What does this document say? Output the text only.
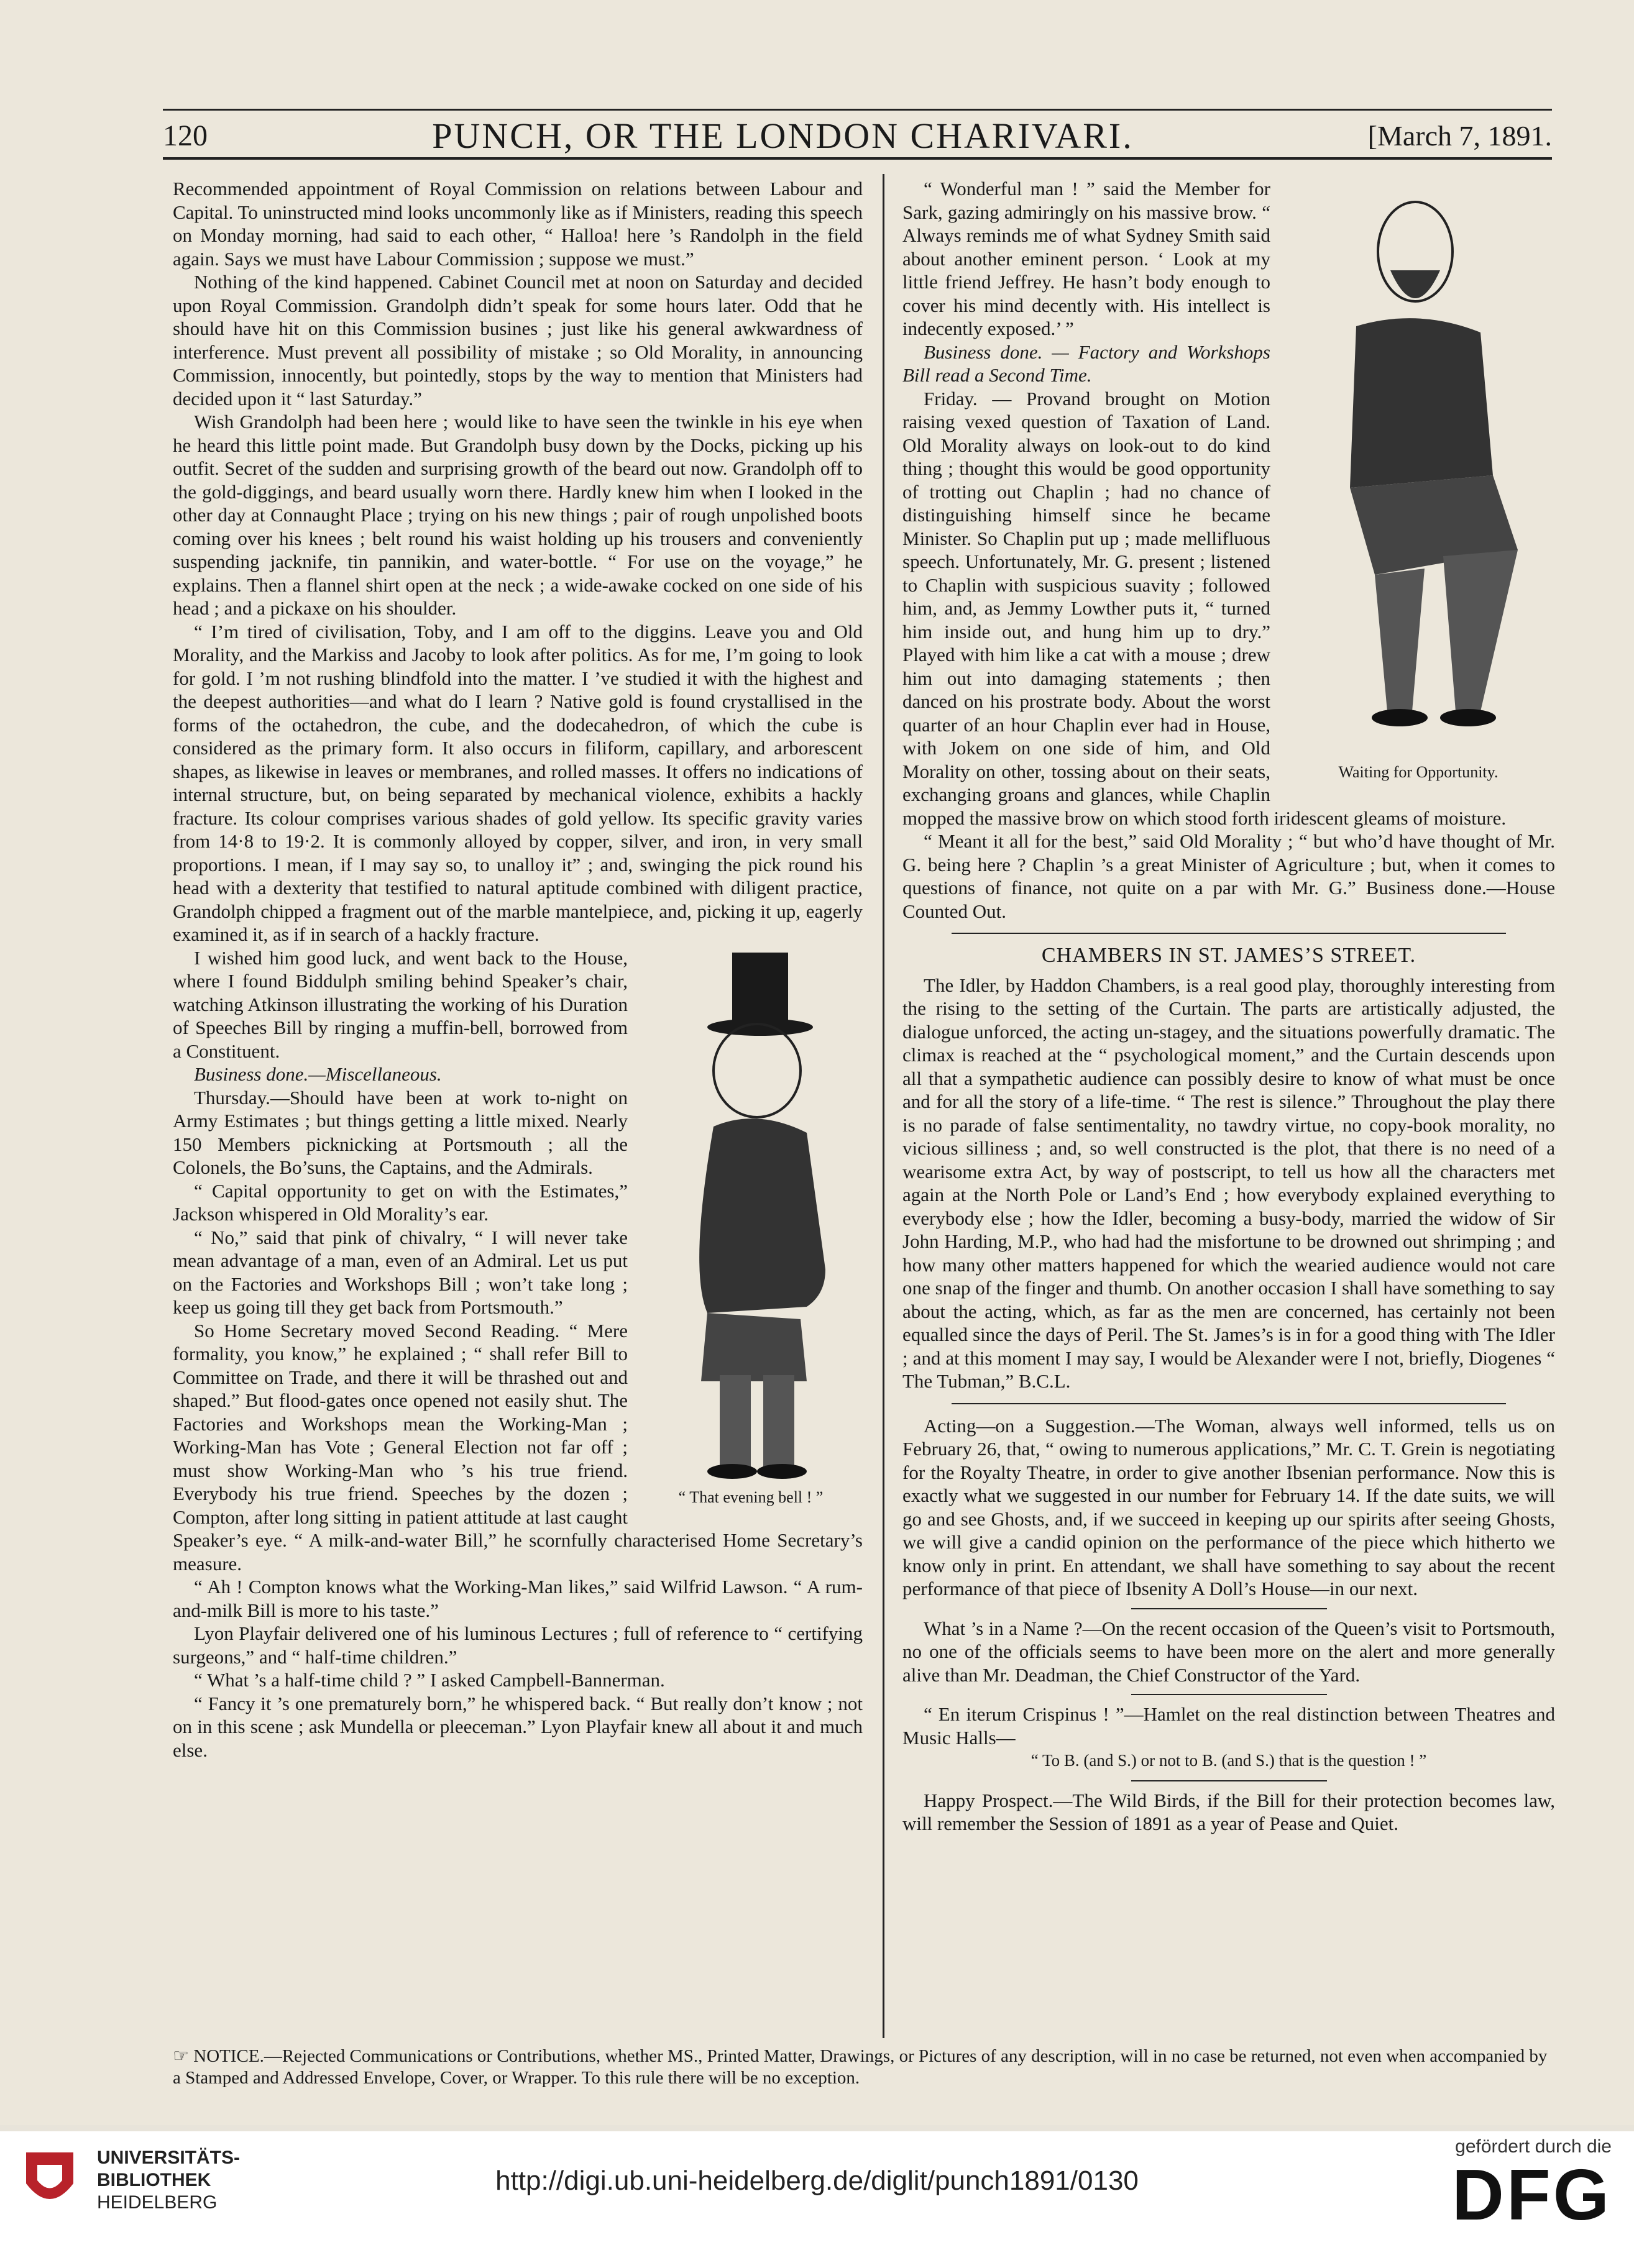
120	PUNCH, OR THE LONDON CHARIVARI.	[March 7, 1891.

Recommended appointment of Royal Commission on relations between Labour and Capital. To uninstructed mind looks uncommonly like as if Ministers, reading this speech on Monday morning, had said to each other, “ Halloa! here ’s Randolph in the field again. Says we must have Labour Commission ; suppose we must.”

Nothing of the kind happened. Cabinet Council met at noon on Saturday and decided upon Royal Commission. Grandolph didn’t speak for some hours later. Odd that he should have hit on this Commission busines ; just like his general awkwardness of interference. Must prevent all possibility of mistake ; so Old Morality, in announcing Commission, innocently, but pointedly, stops by the way to mention that Ministers had decided upon it “ last Saturday.”

Wish Grandolph had been here ; would like to have seen the twinkle in his eye when he heard this little point made. But Grandolph busy down by the Docks, picking up his outfit. Secret of the sudden and surprising growth of the beard out now. Grandolph off to the gold-diggings, and beard usually worn there. Hardly knew him when I looked in the other day at Connaught Place ; trying on his new things ; pair of rough unpolished boots coming over his knees ; belt round his waist holding up his trousers and conveniently suspending jacknife, tin pannikin, and water-bottle. “ For use on the voyage,” he explains. Then a flannel shirt open at the neck ; a wide-awake cocked on one side of his head ; and a pickaxe on his shoulder.

“ I’m tired of civilisation, Toby, and I am off to the diggins. Leave you and Old Morality, and the Markiss and Jacoby to look after politics. As for me, I’m going to look for gold. I ’m not rushing blindfold into the matter. I ’ve studied it with the highest and the deepest authorities—and what do I learn ? Native gold is found crystallised in the forms of the octahedron, the cube, and the dodecahedron, of which the cube is considered as the primary form. It also occurs in filiform, capillary, and arborescent shapes, as likewise in leaves or membranes, and rolled masses. It offers no indications of internal structure, but, on being separated by mechanical violence, exhibits a hackly fracture. Its colour comprises various shades of gold yellow. Its specific gravity varies from 14·8 to 19·2. It is commonly alloyed by copper, silver, and iron, in very small proportions. I mean, if I may say so, to unalloy it” ; and, swinging the pick round his head with a dexterity that testified to natural aptitude combined with diligent practice, Grandolph chipped a fragment out of the marble mantelpiece, and, picking it up, eagerly examined it, as if in search of a hackly fracture.

“ That evening bell ! ”

I wished him good luck, and went back to the House, where I found Biddulph smiling behind Speaker’s chair, watching Atkinson illustrating the working of his Duration of Speeches Bill by ringing a muffin-bell, borrowed from a Constituent.

Business done.—Miscellaneous.

Thursday.—Should have been at work to-night on Army Estimates ; but things getting a little mixed. Nearly 150 Members picknicking at Portsmouth ; all the Colonels, the Bo’suns, the Captains, and the Admirals.

“ Capital opportunity to get on with the Estimates,” Jackson whispered in Old Morality’s ear.

“ No,” said that pink of chivalry, “ I will never take mean advantage of a man, even of an Admiral. Let us put on the Factories and Workshops Bill ; won’t take long ; keep us going till they get back from Portsmouth.”

So Home Secretary moved Second Reading. “ Mere formality, you know,” he explained ; “ shall refer Bill to Committee on Trade, and there it will be thrashed out and shaped.” But flood-gates once opened not easily shut. The Factories and Workshops mean the Working-Man ; Working-Man has Vote ; General Election not far off ; must show Working-Man who ’s his true friend. Everybody his true friend. Speeches by the dozen ; Compton, after long sitting in patient attitude at last caught Speaker’s eye. “ A milk-and-water Bill,” he scornfully characterised Home Secretary’s measure.

“ Ah ! Compton knows what the Working-Man likes,” said Wilfrid Lawson. “ A rum-and-milk Bill is more to his taste.”

Lyon Playfair delivered one of his luminous Lectures ; full of reference to “ certifying surgeons,” and “ half-time children.”

“ What ’s a half-time child ? ” I asked Campbell-Bannerman.

“ Fancy it ’s one prematurely born,” he whispered back. “ But really don’t know ; not on in this scene ; ask Mundella or pleeceman.” Lyon Playfair knew all about it and much else.

Waiting for Opportunity.

“ Wonderful man ! ” said the Member for Sark, gazing admiringly on his massive brow. “ Always reminds me of what Sydney Smith said about another eminent person. ‘ Look at my little friend Jeffrey. He hasn’t body enough to cover his mind decently with. His intellect is indecently exposed.’ ”

Business done. — Factory and Workshops Bill read a Second Time.

Friday. — Provand brought on Motion raising vexed question of Taxation of Land. Old Morality always on look-out to do kind thing ; thought this would be good opportunity of trotting out Chaplin ; had no chance of distinguishing himself since he became Minister. So Chaplin put up ; made mellifluous speech. Unfortunately, Mr. G. present ; listened to Chaplin with suspicious suavity ; followed him, and, as Jemmy Lowther puts it, “ turned him inside out, and hung him up to dry.” Played with him like a cat with a mouse ; drew him out into damaging statements ; then danced on his prostrate body. About the worst quarter of an hour Chaplin ever had in House, with Jokem on one side of him, and Old Morality on other, tossing about on their seats, exchanging groans and glances, while Chaplin mopped the massive brow on which stood forth iridescent gleams of moisture.

“ Meant it all for the best,” said Old Morality ; “ but who’d have thought of Mr. G. being here ? Chaplin ’s a great Minister of Agriculture ; but, when it comes to questions of finance, not quite on a par with Mr. G.” Business done.—House Counted Out.

CHAMBERS IN ST. JAMES’S STREET.

The Idler, by Haddon Chambers, is a real good play, thoroughly interesting from the rising to the setting of the Curtain. The parts are artistically adjusted, the dialogue unforced, the acting un-stagey, and the situations powerfully dramatic. The climax is reached at the “ psychological moment,” and the Curtain descends upon all that a sympathetic audience can possibly desire to know of what must be once and for all the story of a life-time. “ The rest is silence.” Throughout the play there is no parade of false sentimentality, no tawdry virtue, no copy-book morality, no vicious silliness ; and, so well constructed is the plot, that there is no need of a wearisome extra Act, by way of postscript, to tell us how all the characters met again at the North Pole or Land’s End ; how everybody explained everything to everybody else ; how the Idler, becoming a busy-body, married the widow of Sir John Harding, M.P., who had had the misfortune to be drowned out shrimping ; and how many other matters happened for which the wearied audience would not care one snap of the finger and thumb. On another occasion I shall have something to say about the acting, which, as far as the men are concerned, has certainly not been equalled since the days of Peril. The St. James’s is in for a good thing with The Idler ; and at this moment I may say, I would be Alexander were I not, briefly, Diogenes “ The Tubman,” B.C.L.

Acting—on a Suggestion.—The Woman, always well informed, tells us on February 26, that, “ owing to numerous applications,” Mr. C. T. Grein is negotiating for the Royalty Theatre, in order to give another Ibsenian performance. Now this is exactly what we suggested in our number for February 14. If the date suits, we will go and see Ghosts, and, if we succeed in keeping up our spirits after seeing Ghosts, we will give a candid opinion on the performance of the piece which hitherto we know only in print. En attendant, we shall have something to say about the recent performance of that piece of Ibsenity A Doll’s House—in our next.

What ’s in a Name ?—On the recent occasion of the Queen’s visit to Portsmouth, no one of the officials seems to have been more on the alert and more generally alive than Mr. Deadman, the Chief Constructor of the Yard.

“ En iterum Crispinus ! ”—Hamlet on the real distinction between Theatres and Music Halls—

“ To B. (and S.) or not to B. (and S.) that is the question ! ”

Happy Prospect.—The Wild Birds, if the Bill for their protection becomes law, will remember the Session of 1891 as a year of Pease and Quiet.

☞ NOTICE.—Rejected Communications or Contributions, whether MS., Printed Matter, Drawings, or Pictures of any description, will in no case be returned, not even when accompanied by a Stamped and Addressed Envelope, Cover, or Wrapper. To this rule there will be no exception.
UNIVERSITÄTS-
BIBLIOTHEK
HEIDELBERG
http://digi.ub.uni-heidelberg.de/diglit/punch1891/0130
gefördert durch die
DFG
